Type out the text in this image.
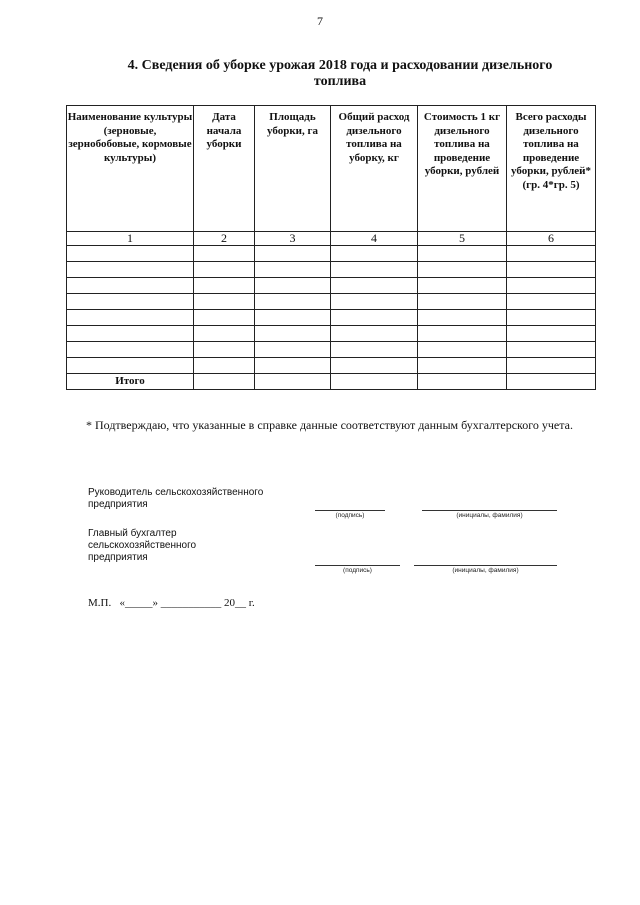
7
4. Сведения об уборке урожая 2018 года и расходовании дизельного
топлива
Наименование культуры (зерновые, зернобобовые, кормовые культуры)	Дата начала уборки	Площадь уборки, га	Общий расход дизельного топлива на уборку, кг	Стоимость 1 кг дизельного топлива на проведение уборки, рублей	Всего расходы дизельного топлива на проведение уборки, рублей* (гр. 4*гр. 5)
1	2	3	4	5	6

Итого					

* Подтверждаю, что указанные в справке данные соответствуют данным бухгалтерского учета.

Руководитель сельскохозяйственного
предприятия

(подпись)	(инициалы, фамилия)

Главный бухгалтер
сельскохозяйственного
предприятия

(подпись)	(инициалы, фамилия)

М.П.   «_____» ___________ 20__ г.
